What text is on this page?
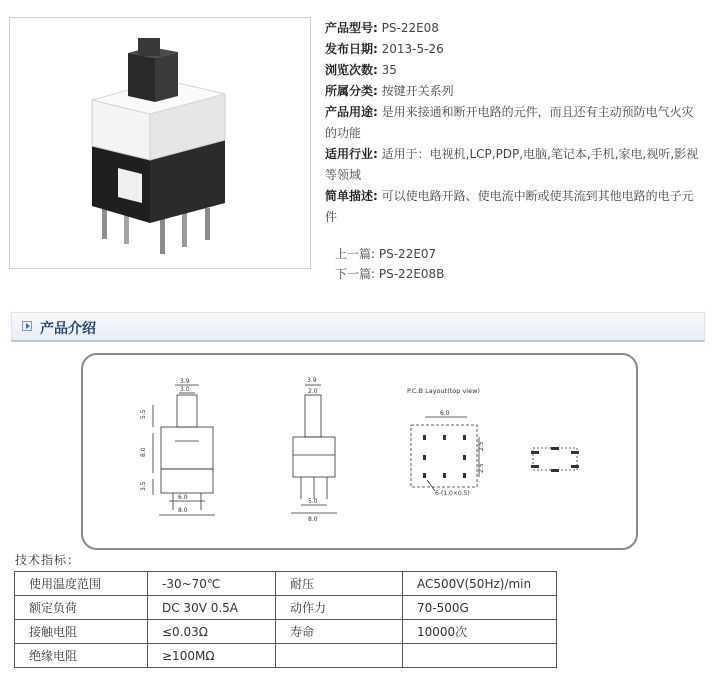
产品型号: PS-22E08

发布日期: 2013-5-26

浏览次数: 35

所属分类: 按键开关系列

产品用途: 是用来接通和断开电路的元件，而且还有主动预防电气火灾的功能

适用行业: 适用于：电视机,LCP,PDP,电脑,笔记本,手机,家电,视听,影视等领域

简单描述: 可以使电路开路、使电流中断或使其流到其他电路的电子元件

上一篇: PS-22E07
下一篇: PS-22E08B
产品介绍
3.9
3.0
5.5
8.0
3.5
6.0
8.0
3.9
2.0
5.0
8.0
P.C.B Layout(top view)
6.0
2.5
2.5
6-(1.0×0.5)
技术指标：
使用温度范围	-30~70℃	耐压	AC500V(50Hz)/min
额定负荷	DC 30V 0.5A	动作力	70-500G
接触电阻	≤0.03Ω	寿命	10000次
绝缘电阻	≥100MΩ		
